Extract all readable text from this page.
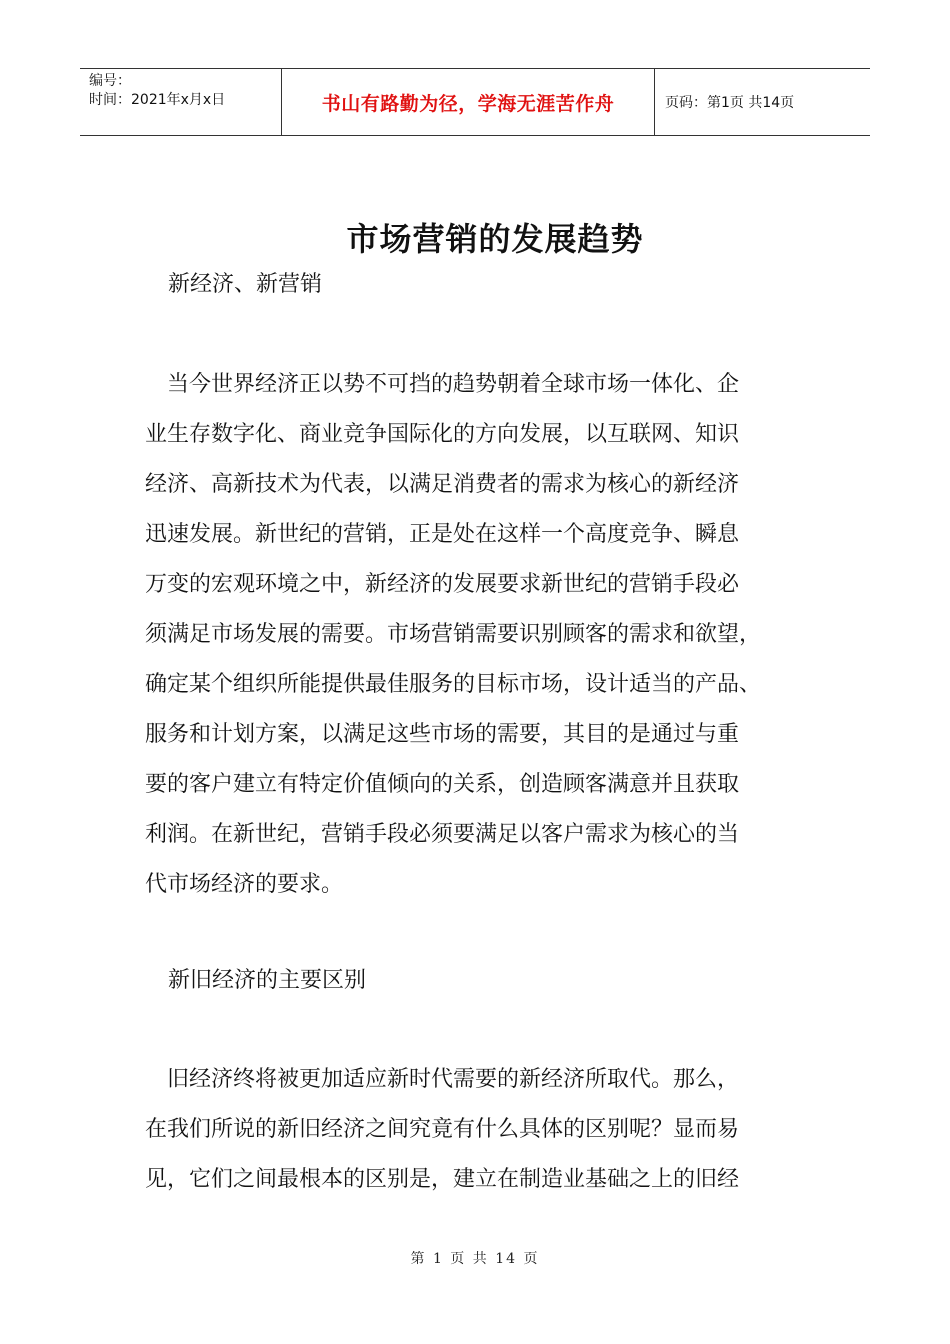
编号：
时间：2021年x月x日	书山有路勤为径，学海无涯苦作舟	页码：第1页 共14页
市场营销的发展趋势
新经济、新营销
　当今世界经济正以势不可挡的趋势朝着全球市场一体化、企
业生存数字化、商业竞争国际化的方向发展，以互联网、知识
经济、高新技术为代表，以满足消费者的需求为核心的新经济
迅速发展。新世纪的营销，正是处在这样一个高度竞争、瞬息
万变的宏观环境之中，新经济的发展要求新世纪的营销手段必
须满足市场发展的需要。市场营销需要识别顾客的需求和欲望，
确定某个组织所能提供最佳服务的目标市场，设计适当的产品、
服务和计划方案，以满足这些市场的需要，其目的是通过与重
要的客户建立有特定价值倾向的关系，创造顾客满意并且获取
利润。在新世纪，营销手段必须要满足以客户需求为核心的当
代市场经济的要求。
新旧经济的主要区别
　旧经济终将被更加适应新时代需要的新经济所取代。那么，
在我们所说的新旧经济之间究竟有什么具体的区别呢？显而易
见，它们之间最根本的区别是，建立在制造业基础之上的旧经
第 1 页 共 14 页
